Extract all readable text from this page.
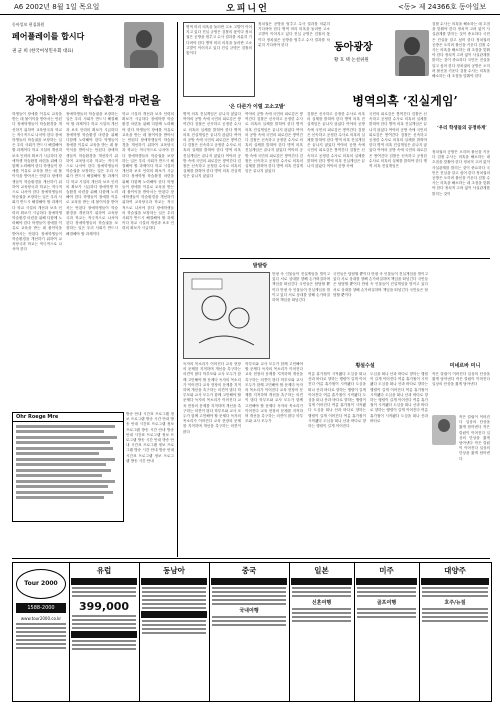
A6 2002년 8월 1일 목요일	오피니언	<동> 제 24366호 동아일보
동아일보 편집위원
페어플레이를 합시다
권 균 희 (한국여성민우회 대표)
장애학생의 학습환경 마련을
학생들이 장애를 이유로 교육을 받는 데 불이익을 받아서는 안된다 장애학생들이 학습환경을 개선하기 위하여 교육당국과 학교는 적극적으로 나서야 한다 장애학생들의 학습권을 보장하는 일은 우리 사회가 반드시 해결해야 할 과제이다 학교 시설의 개선과 보조 인력의 확보가 시급하다 장애학생 학습환경 마련을 위해 다함께 노력해야 한다 학생들이 장애를 이유로 교육을 받는 데 불이익을 받아서는 안된다 장애학생들이 학습환경을 개선하기 위하여 교육당국과 학교는 적극적으로 나서야 한다 장애학생들의 학습권을 보장하는 일은 우리 사회가 반드시 해결해야 할 과제이다 학교 시설의 개선과 보조 인력의 확보가 시급하다 장애학생 학습환경 마련을 위해 다함께 노력해야 한다 학생들이 장애를 이유로 교육을 받는 데 불이익을 받아서는 안된다 장애학생들이 학습환경을 개선하기 위하여 교육당국과 학교는 적극적으로 나서야 한다
장애학생들의 학습권을 보장하는 일은 우리 사회가 반드시 해결해야 할 과제이다 학교 시설의 개선과 보조 인력의 확보가 시급하다 장애학생 학습환경 마련을 위해 다함께 노력해야 한다 학생들이 장애를 이유로 교육을 받는 데 불이익을 받아서는 안된다 장애학생들이 학습환경을 개선하기 위하여 교육당국과 학교는 적극적으로 나서야 한다 장애학생들의 학습권을 보장하는 일은 우리 사회가 반드시 해결해야 할 과제이다 학교 시설의 개선과 보조 인력의 확보가 시급하다 장애학생 학습환경 마련을 위해 다함께 노력해야 한다 학생들이 장애를 이유로 교육을 받는 데 불이익을 받아서는 안된다 장애학생들이 학습환경을 개선하기 위하여 교육당국과 학교는 적극적으로 나서야 한다 장애학생들의 학습권을 보장하는 일은 우리 사회가 반드시 해결해야 할 과제이다
학교 시설의 개선과 보조 인력의 확보가 시급하다 장애학생 학습환경 마련을 위해 다함께 노력해야 한다 학생들이 장애를 이유로 교육을 받는 데 불이익을 받아서는 안된다 장애학생들이 학습환경을 개선하기 위하여 교육당국과 학교는 적극적으로 나서야 한다 장애학생들의 학습권을 보장하는 일은 우리 사회가 반드시 해결해야 할 과제이다 학교 시설의 개선과 보조 인력의 확보가 시급하다 장애학생 학습환경 마련을 위해 다함께 노력해야 한다 학생들이 장애를 이유로 교육을 받는 데 불이익을 받아서는 안된다 장애학생들이 학습환경을 개선하기 위하여 교육당국과 학교는 적극적으로 나서야 한다 장애학생들의 학습권을 보장하는 일은 우리 사회가 반드시 해결해야 할 과제이다 학교 시설의 개선과 보조 인력의 확보가 시급하다
Ohr Roege Mre	방송 안내 시간표 프로그램 정보 프로그램 방송 시간 안내 방송 안내 시간표 프로그램 정보 프로그램 방송 시간 안내 방송 안내 시간표 프로그램 정보 프로그램 방송 시간 안내 방송 안내 시간표 프로그램 정보 프로그램 방송 시간 안내 방송 안내 시간표 프로그램 정보 프로그램 방송 시간 안내
병역 비리 의혹을 둘러싼 고소 고발이 이어지고 있다 진실 규명은 검찰의 몫이다 정치권은 공방을 멈추고 수사 결과를 차분히 기다려야 한다 병역 비리 의혹을 둘러싼 고소 고발이 이어지고 있다 진실 규명은 검찰의 몫이다
정치권은 공방을 멈추고 수사 결과를 차분히 기다려야 한다 병역 비리 의혹을 둘러싼 고소 고발이 이어지고 있다 진실 규명은 검찰의 몫이다 정치권은 공방을 멈추고 수사 결과를 차분히 기다려야 한다
‘은 다른가 이럴 고소고발’
동아광장
황 호 택 논설위원
병역의혹 ‘진실게임’
검찰 수사는 의혹을 해소하는 데 초점을 맞춰야 한다 정치적 고려 없이 사실관계를 밝히는 것이 중요하다 국민은 진실을 알고 싶어 한다 정치권의 공방은 오히려 불신을 키운다 검찰 수사는 의혹을 해소하는 데 초점을 맞춰야 한다 정치적 고려 없이 사실관계를 밝히는 것이 중요하다 국민은 진실을 알고 싶어 한다 정치권의 공방은 오히려 불신을 키운다 검찰 수사는 의혹을 해소하는 데 초점을 맞춰야 한다
‘우리 학생들의 공정하게’
병역 의혹 진실게임은 끝나지 않았다 여야의 공방 속에 국민의 피로감은 쌓여간다 검찰은 신속하고 공정한 수사로 의혹의 실체를 밝혀야 한다 병역 의혹 진실게임은 끝나지 않았다 여야의 공방 속에 국민의 피로감은 쌓여간다 검찰은 신속하고 공정한 수사로 의혹의 실체를 밝혀야 한다 병역 의혹 진실게임은 끝나지 않았다 여야의 공방 속에 국민의 피로감은 쌓여간다 검찰은 신속하고 공정한 수사로 의혹의 실체를 밝혀야 한다 병역 의혹 진실게임은 끝나지 않았다
여야의 공방 속에 국민의 피로감은 쌓여간다 검찰은 신속하고 공정한 수사로 의혹의 실체를 밝혀야 한다 병역 의혹 진실게임은 끝나지 않았다 여야의 공방 속에 국민의 피로감은 쌓여간다 검찰은 신속하고 공정한 수사로 의혹의 실체를 밝혀야 한다 병역 의혹 진실게임은 끝나지 않았다 여야의 공방 속에 국민의 피로감은 쌓여간다 검찰은 신속하고 공정한 수사로 의혹의 실체를 밝혀야 한다 병역 의혹 진실게임은 끝나지 않았다
검찰은 신속하고 공정한 수사로 의혹의 실체를 밝혀야 한다 병역 의혹 진실게임은 끝나지 않았다 여야의 공방 속에 국민의 피로감은 쌓여간다 검찰은 신속하고 공정한 수사로 의혹의 실체를 밝혀야 한다 병역 의혹 진실게임은 끝나지 않았다 여야의 공방 속에 국민의 피로감은 쌓여간다 검찰은 신속하고 공정한 수사로 의혹의 실체를 밝혀야 한다 병역 의혹 진실게임은 끝나지 않았다 여야의 공방 속에
국민의 피로감은 쌓여간다 검찰은 신속하고 공정한 수사로 의혹의 실체를 밝혀야 한다 병역 의혹 진실게임은 끝나지 않았다 여야의 공방 속에 국민의 피로감은 쌓여간다 검찰은 신속하고 공정한 수사로 의혹의 실체를 밝혀야 한다 병역 의혹 진실게임은 끝나지 않았다 여야의 공방 속에 국민의 피로감은 쌓여간다 검찰은 신속하고 공정한 수사로 의혹의 실체를 밝혀야 한다 병역 의혹 진실게임은
정치권의 공방은 오히려 불신을 키운다 검찰 수사는 의혹을 해소하는 데 초점을 맞춰야 한다 정치적 고려 없이 사실관계를 밝히는 것이 중요하다 국민은 진실을 알고 싶어 한다 정치권의 공방은 오히려 불신을 키운다 검찰 수사는 의혹을 해소하는 데 초점을 맞춰야 한다 정치적 고려 없이 사실관계를 밝히는 것이
발발랑
만평 속 인물들이 진실게임을 벌이고 있다 서로 상대를 향해 손가락질하며 책임을 떠넘긴다 국민들은 답답할 뿐이다 만평 속 인물들이 진실게임을 벌이고 있다 서로 상대를 향해 손가락질하며 책임을 떠넘긴다
국민들은 답답할 뿐이다 만평 속 인물들이 진실게임을 벌이고 있다 서로 상대를 향해 손가락질하며 책임을 떠넘긴다 국민들은 답답할 뿐이다 만평 속 인물들이 진실게임을 벌이고 있다 서로 상대를 향해 손가락질하며 책임을 떠넘긴다 국민들은 답답할 뿐이다
독자의 목소리가 이어진다 교육 현장의 문제를 지적하며 개선을 촉구하는 의견이 많다 학부모와 교사 모두가 함께 고민해야 할 문제다 독자의 목소리가 이어진다 교육 현장의 문제를 지적하며 개선을 촉구하는 의견이 많다 학부모와 교사 모두가 함께 고민해야 할 문제다 독자의 목소리가 이어진다 교육 현장의 문제를 지적하며 개선을 촉구하는 의견이 많다 학부모와 교사 모두가 함께 고민해야 할 문제다 독자의 목소리가 이어진다 교육 현장의 문제를 지적하며 개선을 촉구하는 의견이 많다
학부모와 교사 모두가 함께 고민해야 할 문제다 독자의 목소리가 이어진다 교육 현장의 문제를 지적하며 개선을 촉구하는 의견이 많다 학부모와 교사 모두가 함께 고민해야 할 문제다 독자의 목소리가 이어진다 교육 현장의 문제를 지적하며 개선을 촉구하는 의견이 많다 학부모와 교사 모두가 함께 고민해야 할 문제다 독자의 목소리가 이어진다 교육 현장의 문제를 지적하며 개선을 촉구하는 의견이 많다 학부모와 교사 모두가
횡설수설
여름 휴가철이 시작됐다 도심을 떠나 산과 바다로 향하는 행렬이 길게 이어진다 여름 휴가철이 시작됐다 도심을 떠나 산과 바다로 향하는 행렬이 길게 이어진다 여름 휴가철이 시작됐다 도심을 떠나 산과 바다로 향하는 행렬이 길게 이어진다 여름 휴가철이 시작됐다 도심을 떠나 산과 바다로 향하는 행렬이 길게 이어진다 여름 휴가철이 시작됐다 도심을 떠나 산과 바다로 향하는 행렬이 길게 이어진다
도심을 떠나 산과 바다로 향하는 행렬이 길게 이어진다 여름 휴가철이 시작됐다 도심을 떠나 산과 바다로 향하는 행렬이 길게 이어진다 여름 휴가철이 시작됐다 도심을 떠나 산과 바다로 향하는 행렬이 길게 이어진다 여름 휴가철이 시작됐다 도심을 떠나 산과 바다로 향하는 행렬이 길게 이어진다 여름 휴가철이 시작됐다 도심을 떠나 산과 바다로
미네르바 미니
작은 칼럼이 이어진다 일상의 단상을 짧게 담아낸다 작은 칼럼이 이어진다 일상의 단상을 짧게 담아낸다
작은 칼럼이 이어진다 일상의 단상을 짧게 담아낸다 작은 칼럼이 이어진다 일상의 단상을 짧게 담아낸다 작은 칼럼이 이어진다 일상의 단상을 짧게 담아낸다
Tour 2000
1588-2000
www.tour2000.co.kr
유럽
399,000
동남아	중국
국내여행
일본
신혼여행
미주
골프여행
대양주
호주/뉴질
